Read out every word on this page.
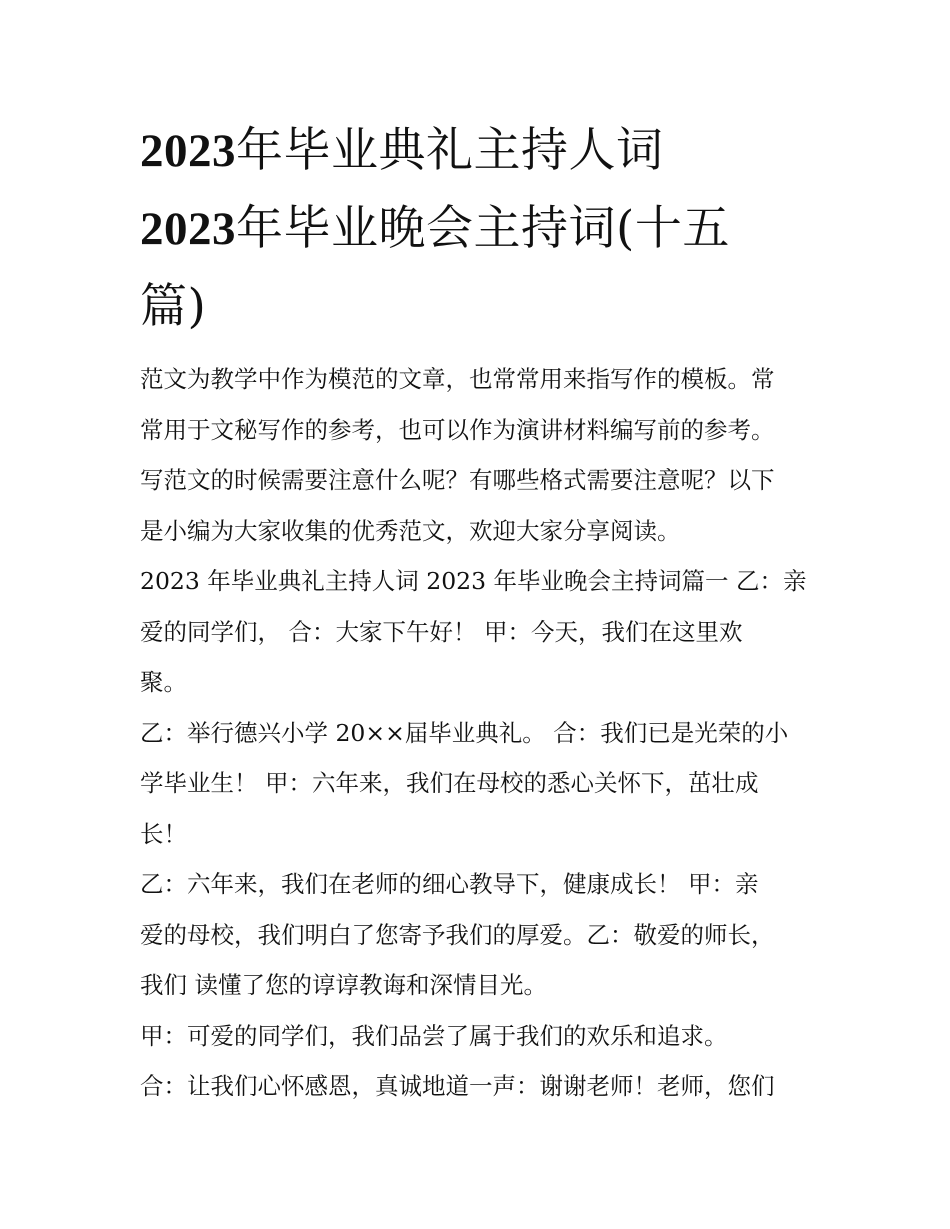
2023年毕业典礼主持人词
2023年毕业晚会主持词(十五
篇)

范文为教学中作为模范的文章，也常常用来指写作的模板。常
常用于文秘写作的参考，也可以作为演讲材料编写前的参考。
写范文的时候需要注意什么呢？有哪些格式需要注意呢？以下
是小编为大家收集的优秀范文，欢迎大家分享阅读。

2023 年毕业典礼主持人词 2023 年毕业晚会主持词篇一 乙：亲
爱的同学们， 合：大家下午好！ 甲：今天，我们在这里欢
聚。

乙：举行德兴小学 20××届毕业典礼。 合：我们已是光荣的小
学毕业生！ 甲：六年来，我们在母校的悉心关怀下，茁壮成
长！

乙：六年来，我们在老师的细心教导下，健康成长！ 甲：亲
爱的母校，我们明白了您寄予我们的厚爱。乙：敬爱的师长，
我们 读懂了您的谆谆教诲和深情目光。

甲：可爱的同学们，我们品尝了属于我们的欢乐和追求。

合：让我们心怀感恩，真诚地道一声：谢谢老师！老师，您们
